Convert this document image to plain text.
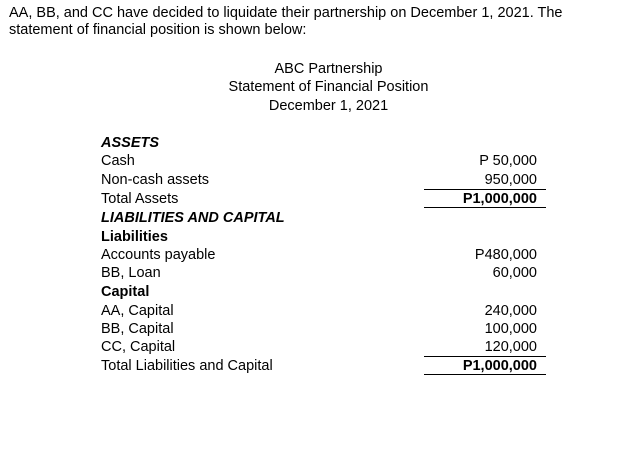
AA, BB, and CC have decided to liquidate their partnership on December 1, 2021. The
statement of financial position is shown below:
ABC Partnership
Statement of Financial Position
December 1, 2021
ASSETS
Cash	P 50,000
Non-cash assets	950,000
Total Assets	P1,000,000
LIABILITIES AND CAPITAL
Liabilities
Accounts payable	P480,000
BB, Loan	60,000
Capital
AA, Capital	240,000
BB, Capital	100,000
CC, Capital	120,000
Total Liabilities and Capital	P1,000,000
